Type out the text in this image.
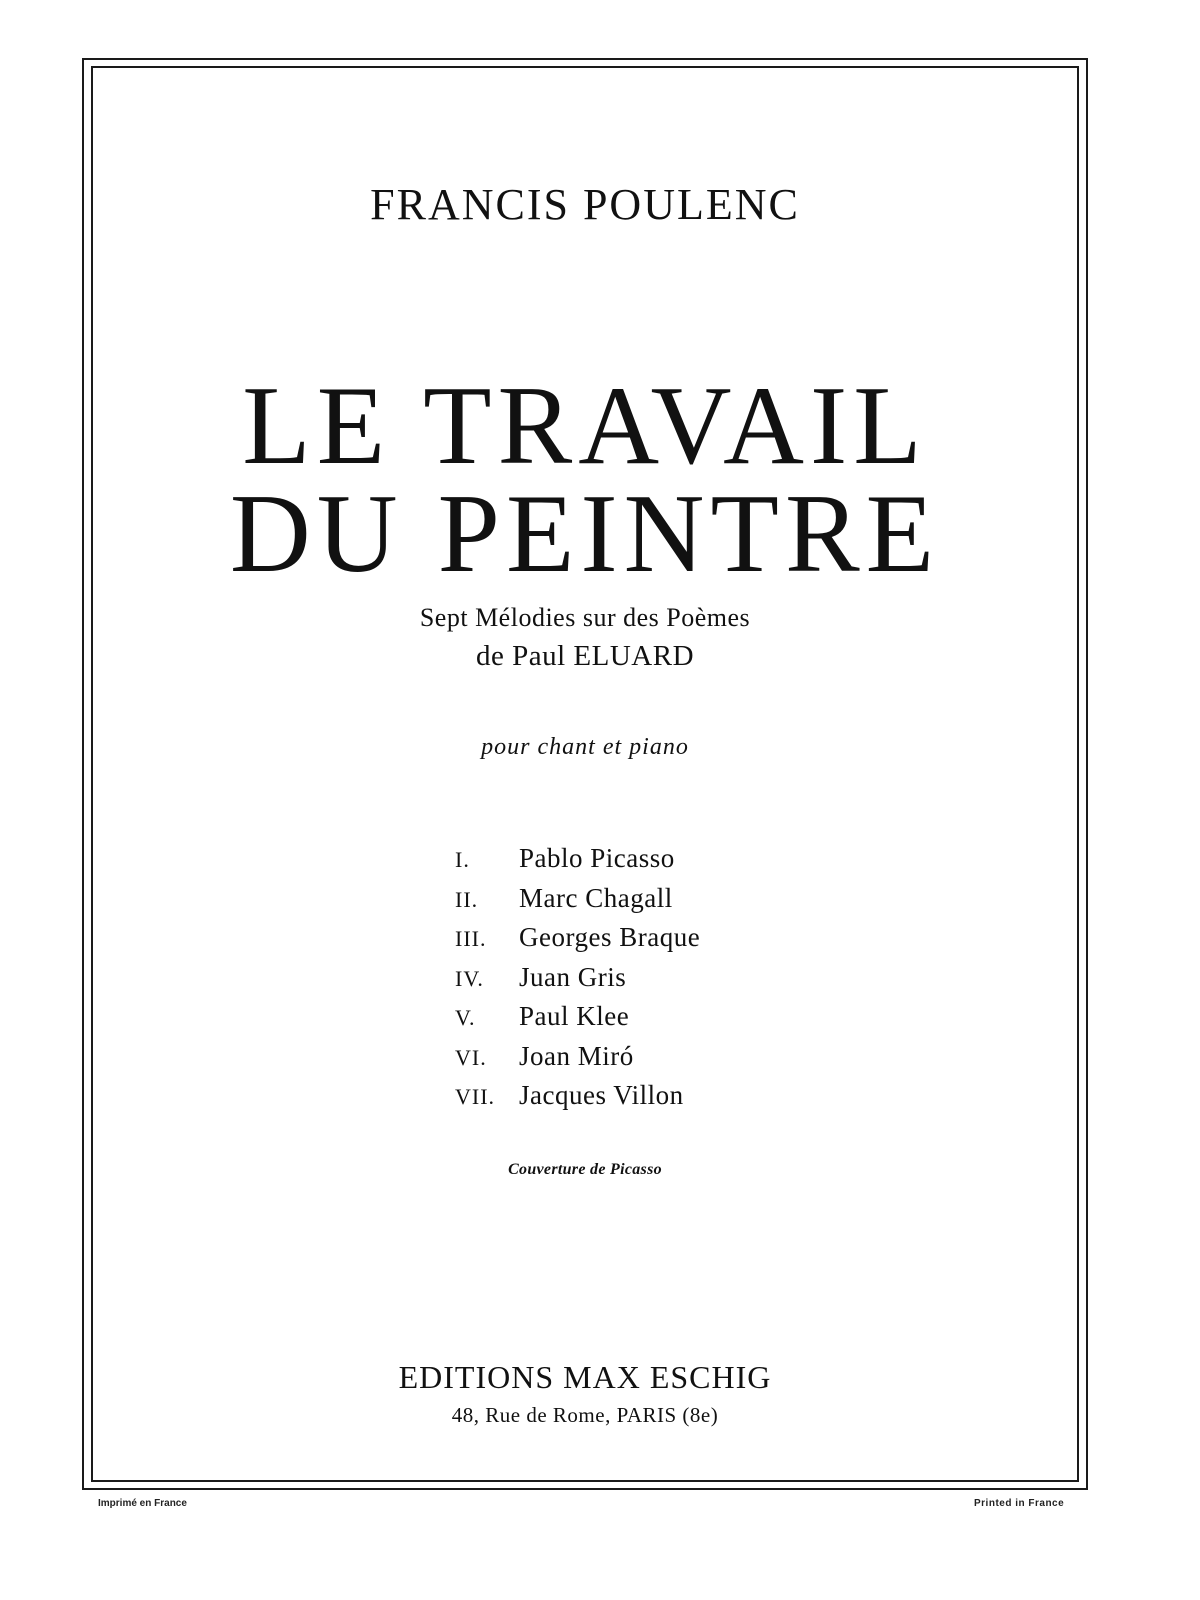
FRANCIS POULENC
LE TRAVAIL
DU PEINTRE
Sept Mélodies sur des Poèmes
de Paul ELUARD
pour chant et piano
I. Pablo Picasso
II. Marc Chagall
III. Georges Braque
IV. Juan Gris
V. Paul Klee
VI. Joan Miró
VII. Jacques Villon
Couverture de Picasso
EDITIONS MAX ESCHIG
48, Rue de Rome, PARIS (8e)
Imprimé en France	Printed in France
